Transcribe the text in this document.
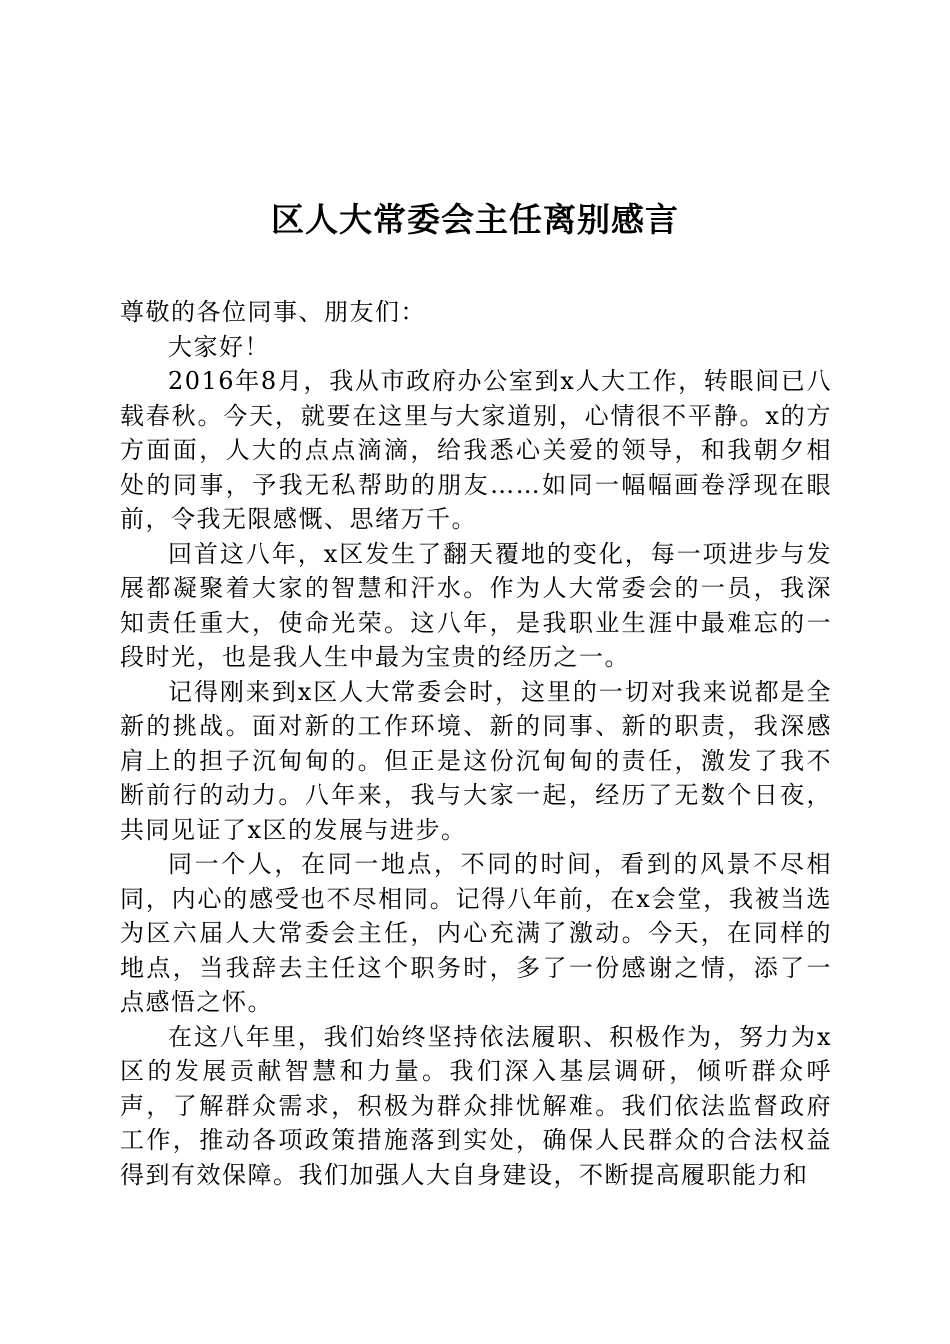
区人大常委会主任离别感言

尊敬的各位同事、朋友们：

大家好！

2016年8月，我从市政府办公室到x人大工作，转眼间已八载春秋。今天，就要在这里与大家道别，心情很不平静。x的方方面面，人大的点点滴滴，给我悉心关爱的领导，和我朝夕相处的同事，予我无私帮助的朋友……如同一幅幅画卷浮现在眼前，令我无限感慨、思绪万千。

回首这八年，x区发生了翻天覆地的变化，每一项进步与发展都凝聚着大家的智慧和汗水。作为人大常委会的一员，我深知责任重大，使命光荣。这八年，是我职业生涯中最难忘的一段时光，也是我人生中最为宝贵的经历之一。

记得刚来到x区人大常委会时，这里的一切对我来说都是全新的挑战。面对新的工作环境、新的同事、新的职责，我深感肩上的担子沉甸甸的。但正是这份沉甸甸的责任，激发了我不断前行的动力。八年来，我与大家一起，经历了无数个日夜，共同见证了x区的发展与进步。

同一个人，在同一地点，不同的时间，看到的风景不尽相同，内心的感受也不尽相同。记得八年前，在x会堂，我被当选为区六届人大常委会主任，内心充满了激动。今天，在同样的地点，当我辞去主任这个职务时，多了一份感谢之情，添了一点感悟之怀。

在这八年里，我们始终坚持依法履职、积极作为，努力为x区的发展贡献智慧和力量。我们深入基层调研，倾听群众呼声，了解群众需求，积极为群众排忧解难。我们依法监督政府工作，推动各项政策措施落到实处，确保人民群众的合法权益得到有效保障。我们加强人大自身建设，不断提高履职能力和
